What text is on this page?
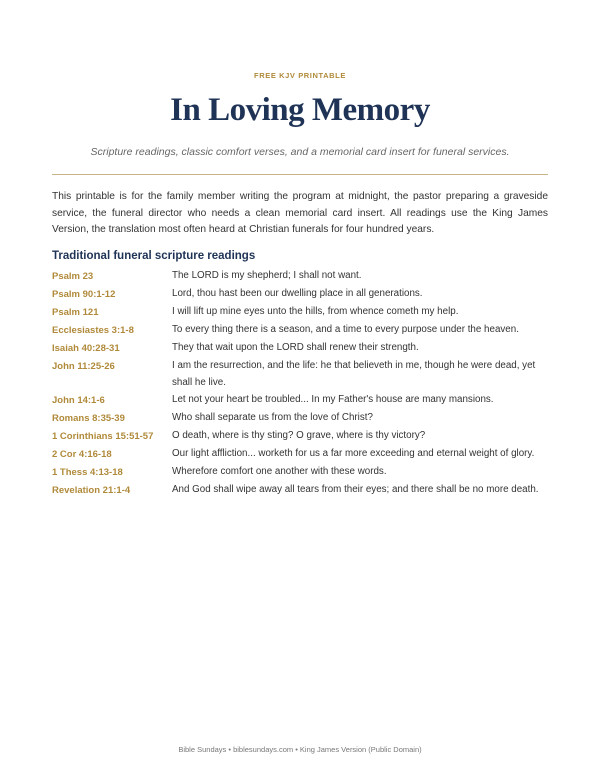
FREE KJV PRINTABLE
In Loving Memory
Scripture readings, classic comfort verses, and a memorial card insert for funeral services.
This printable is for the family member writing the program at midnight, the pastor preparing a graveside service, the funeral director who needs a clean memorial card insert. All readings use the King James Version, the translation most often heard at Christian funerals for four hundred years.
Traditional funeral scripture readings
Psalm 23	The LORD is my shepherd; I shall not want.
Psalm 90:1-12	Lord, thou hast been our dwelling place in all generations.
Psalm 121	I will lift up mine eyes unto the hills, from whence cometh my help.
Ecclesiastes 3:1-8	To every thing there is a season, and a time to every purpose under the heaven.
Isaiah 40:28-31	They that wait upon the LORD shall renew their strength.
John 11:25-26	I am the resurrection, and the life: he that believeth in me, though he were dead, yet shall he live.
John 14:1-6	Let not your heart be troubled... In my Father's house are many mansions.
Romans 8:35-39	Who shall separate us from the love of Christ?
1 Corinthians 15:51-57	O death, where is thy sting? O grave, where is thy victory?
2 Cor 4:16-18	Our light affliction... worketh for us a far more exceeding and eternal weight of glory.
1 Thess 4:13-18	Wherefore comfort one another with these words.
Revelation 21:1-4	And God shall wipe away all tears from their eyes; and there shall be no more death.
Bible Sundays • biblesundays.com • King James Version (Public Domain)
